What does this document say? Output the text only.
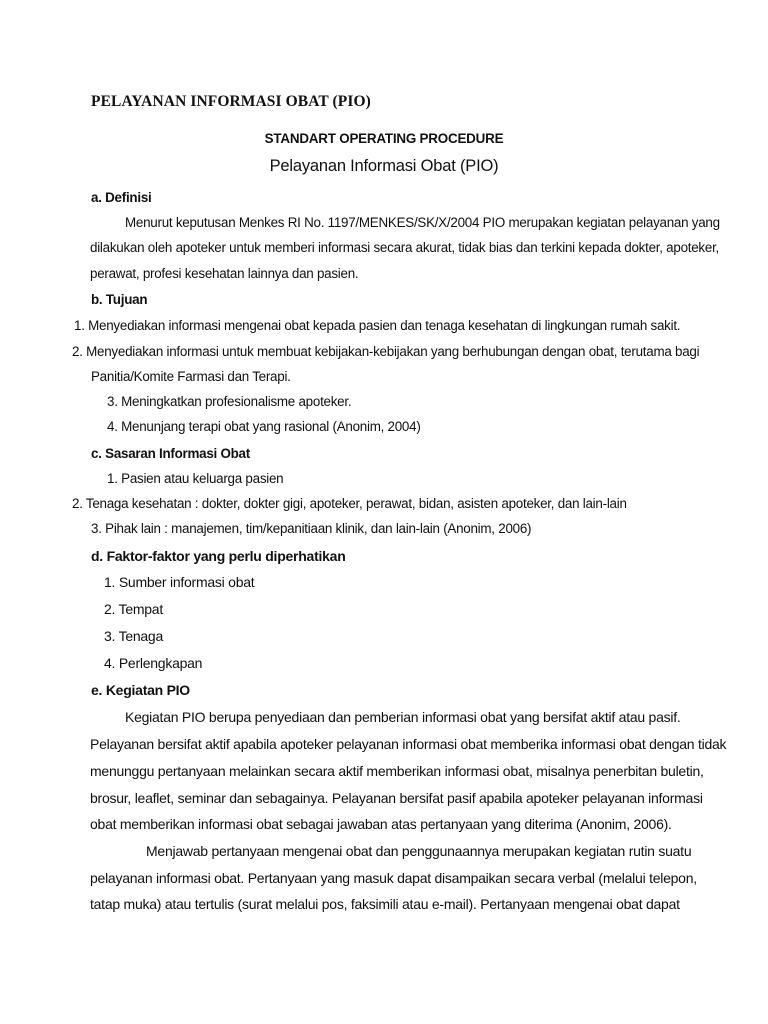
PELAYANAN INFORMASI OBAT (PIO)
STANDART OPERATING PROCEDURE
Pelayanan Informasi Obat (PIO)
a. Definisi
Menurut keputusan Menkes RI No. 1197/MENKES/SK/X/2004 PIO merupakan kegiatan pelayanan yang
dilakukan oleh apoteker untuk memberi informasi secara akurat, tidak bias dan terkini kepada dokter, apoteker,
perawat, profesi kesehatan lainnya dan pasien.
b. Tujuan
1. Menyediakan informasi mengenai obat kepada pasien dan tenaga kesehatan di lingkungan rumah sakit.
2. Menyediakan informasi untuk membuat kebijakan-kebijakan yang berhubungan dengan obat, terutama bagi
Panitia/Komite Farmasi dan Terapi.
3. Meningkatkan profesionalisme apoteker.
4. Menunjang terapi obat yang rasional (Anonim, 2004)
c. Sasaran Informasi Obat
1. Pasien atau keluarga pasien
2. Tenaga kesehatan : dokter, dokter gigi, apoteker, perawat, bidan, asisten apoteker, dan lain-lain
3. Pihak lain : manajemen, tim/kepanitiaan klinik, dan lain-lain (Anonim, 2006)
d. Faktor-faktor yang perlu diperhatikan
1. Sumber informasi obat
2. Tempat
3. Tenaga
4. Perlengkapan
e. Kegiatan PIO
Kegiatan PIO berupa penyediaan dan pemberian informasi obat yang bersifat aktif atau pasif.
Pelayanan bersifat aktif apabila apoteker pelayanan informasi obat memberika informasi obat dengan tidak
menunggu pertanyaan melainkan secara aktif memberikan informasi obat, misalnya penerbitan buletin,
brosur, leaflet, seminar dan sebagainya. Pelayanan bersifat pasif apabila apoteker pelayanan informasi
obat memberikan informasi obat sebagai jawaban atas pertanyaan yang diterima (Anonim, 2006).
Menjawab pertanyaan mengenai obat dan penggunaannya merupakan kegiatan rutin suatu
pelayanan informasi obat. Pertanyaan yang masuk dapat disampaikan secara verbal (melalui telepon,
tatap muka) atau tertulis (surat melalui pos, faksimili atau e-mail). Pertanyaan mengenai obat dapat
